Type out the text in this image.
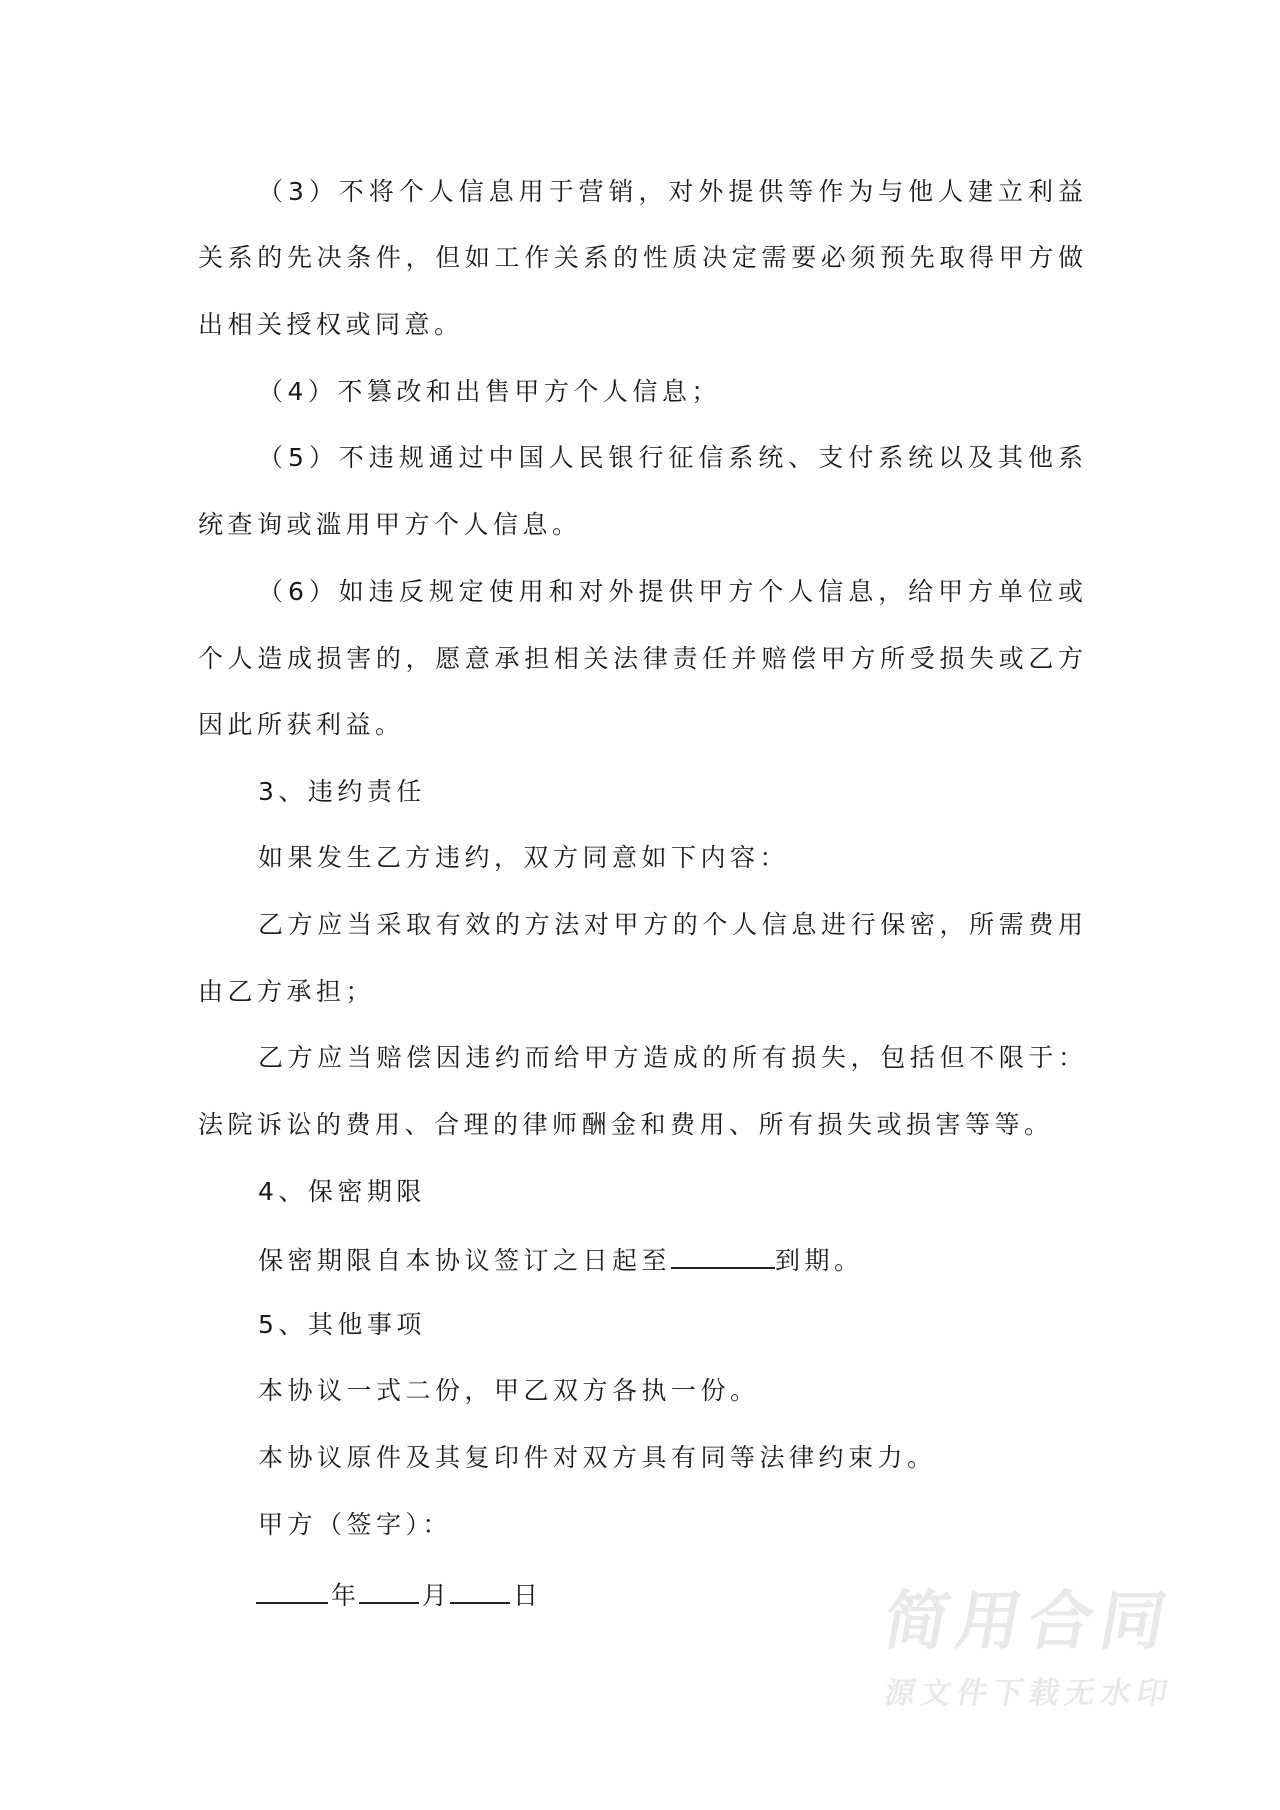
（3）不将个人信息用于营销，对外提供等作为与他人建立利益
关系的先决条件，但如工作关系的性质决定需要必须预先取得甲方做
出相关授权或同意。
（4）不篡改和出售甲方个人信息；
（5）不违规通过中国人民银行征信系统、支付系统以及其他系
统查询或滥用甲方个人信息。
（6）如违反规定使用和对外提供甲方个人信息，给甲方单位或
个人造成损害的，愿意承担相关法律责任并赔偿甲方所受损失或乙方
因此所获利益。
3、违约责任
如果发生乙方违约，双方同意如下内容：
乙方应当采取有效的方法对甲方的个人信息进行保密，所需费用
由乙方承担；
乙方应当赔偿因违约而给甲方造成的所有损失，包括但不限于：
法院诉讼的费用、合理的律师酬金和费用、所有损失或损害等等。
4、保密期限
保密期限自本协议签订之日起至	到期。
5、其他事项
本协议一式二份，甲乙双方各执一份。
本协议原件及其复印件对双方具有同等法律约束力。
甲方（签字）：
年	月	日	简用合同
源文件下载无水印
